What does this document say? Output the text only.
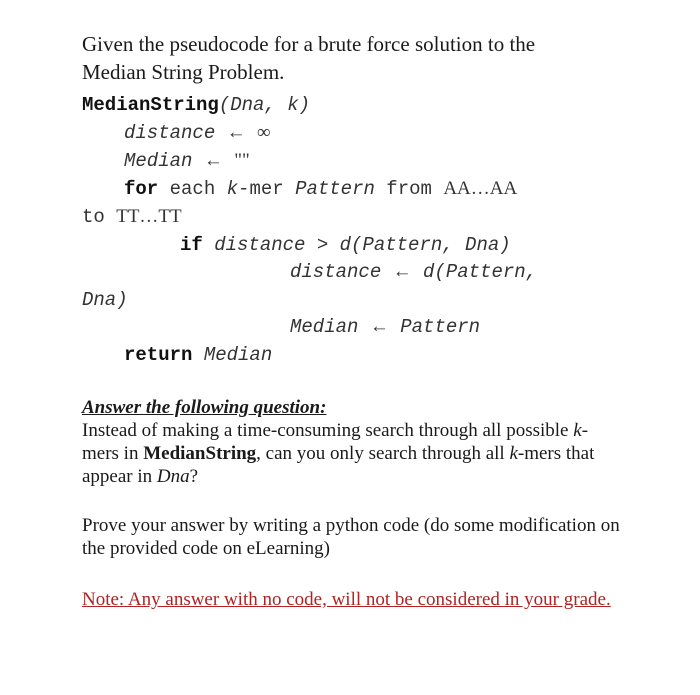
Given the pseudocode for a brute force solution to the
Median String Problem.
MedianString(Dna, k)
distance ← ∞
Median ← ""
for each k-mer Pattern from AA…AA
to TT…TT
if distance > d(Pattern, Dna)
distance ← d(Pattern,
Dna)
Median ← Pattern
return Median
Answer the following question:
Instead of making a time-consuming search through all possible k-mers in MedianString, can you only search through all k-mers that appear in Dna?
Prove your answer by writing a python code (do some modification on the provided code on eLearning)
Note: Any answer with no code, will not be considered in your grade.
